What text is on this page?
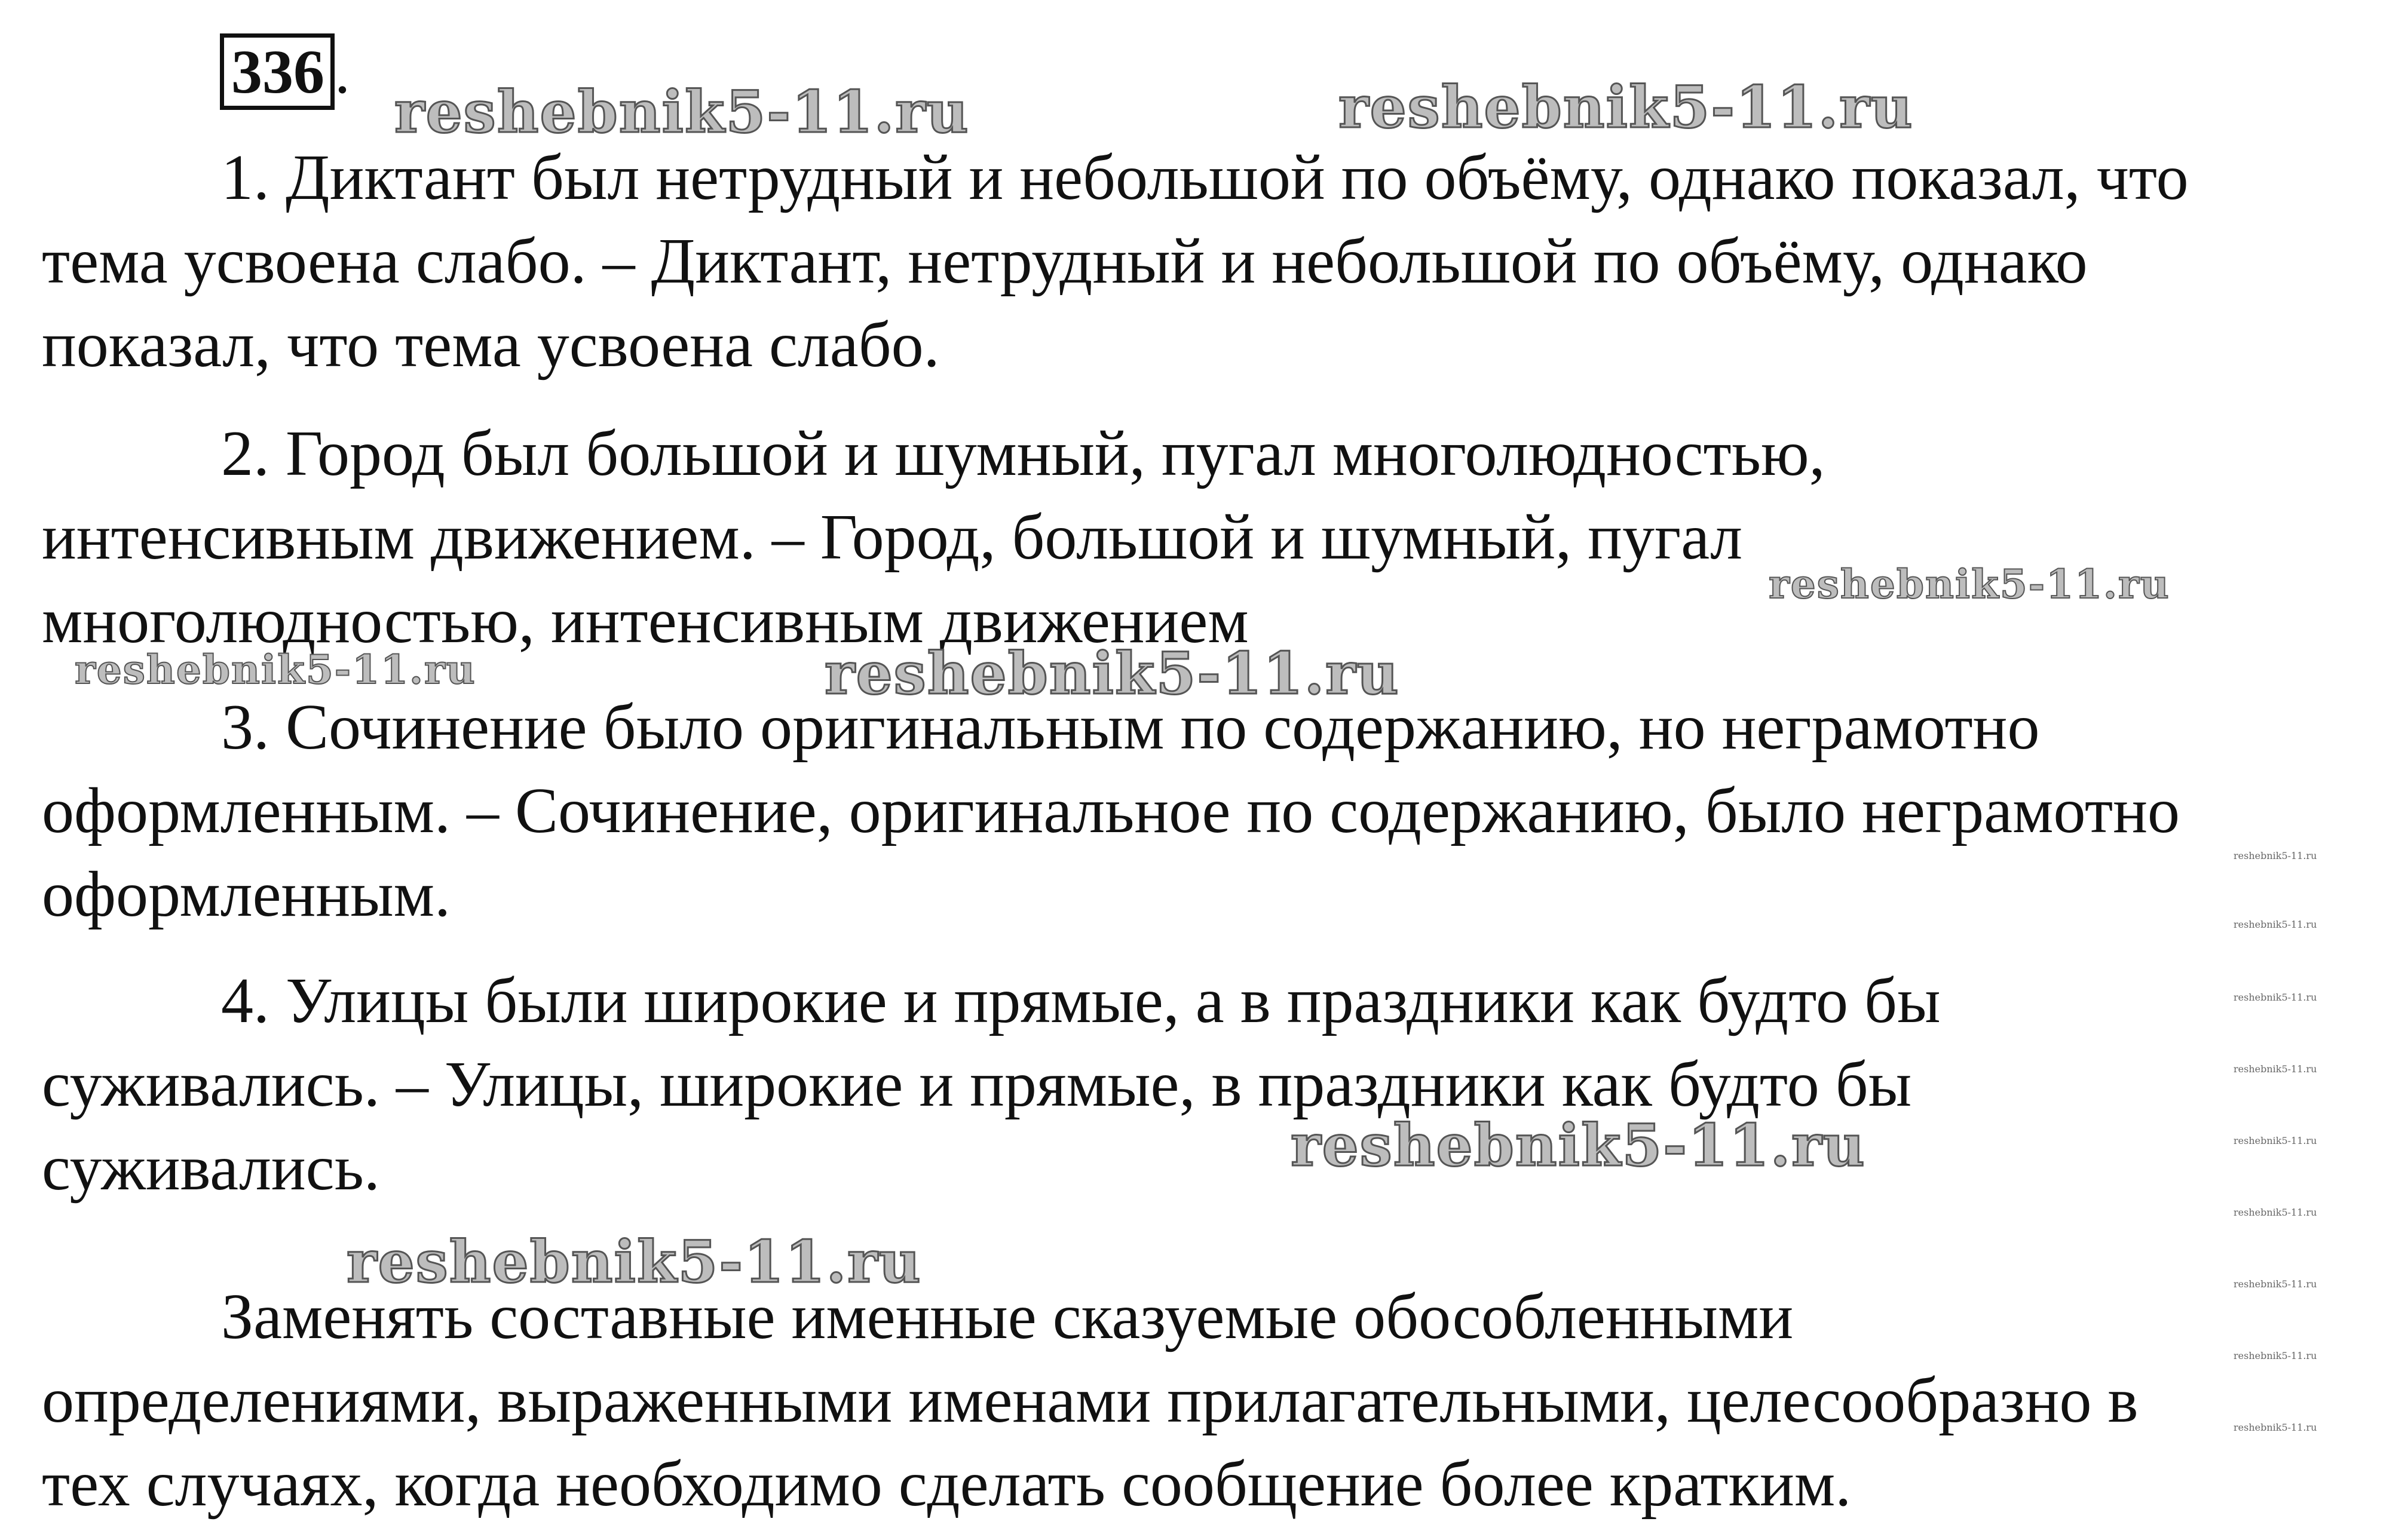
336 .
1. Диктант был нетрудный и небольшой по объёму, однако показал, что
тема усвоена слабо. – Диктант, нетрудный и небольшой по объёму, однако
показал, что тема усвоена слабо.
2. Город был большой и шумный, пугал многолюдностью,
интенсивным движением. – Город, большой и шумный, пугал
многолюдностью, интенсивным движением
3. Сочинение было оригинальным по содержанию, но неграмотно
оформленным. – Сочинение, оригинальное по содержанию, было неграмотно
оформленным.
4. Улицы были широкие и прямые, а в праздники как будто бы
суживались. – Улицы, широкие и прямые, в праздники как будто бы
суживались.
Заменять составные именные сказуемые обособленными
определениями, выраженными именами прилагательными, целесообразно в
тех случаях, когда необходимо сделать сообщение более кратким.
reshebnik5-11.ru	reshebnik5-11.ru
reshebnik5-11.ru
reshebnik5-11.ru	reshebnik5-11.ru
reshebnik5-11.ru
reshebnik5-11.ru
reshebnik5-11.ru
reshebnik5-11.ru
reshebnik5-11.ru
reshebnik5-11.ru
reshebnik5-11.ru
reshebnik5-11.ru
reshebnik5-11.ru
reshebnik5-11.ru
reshebnik5-11.ru
